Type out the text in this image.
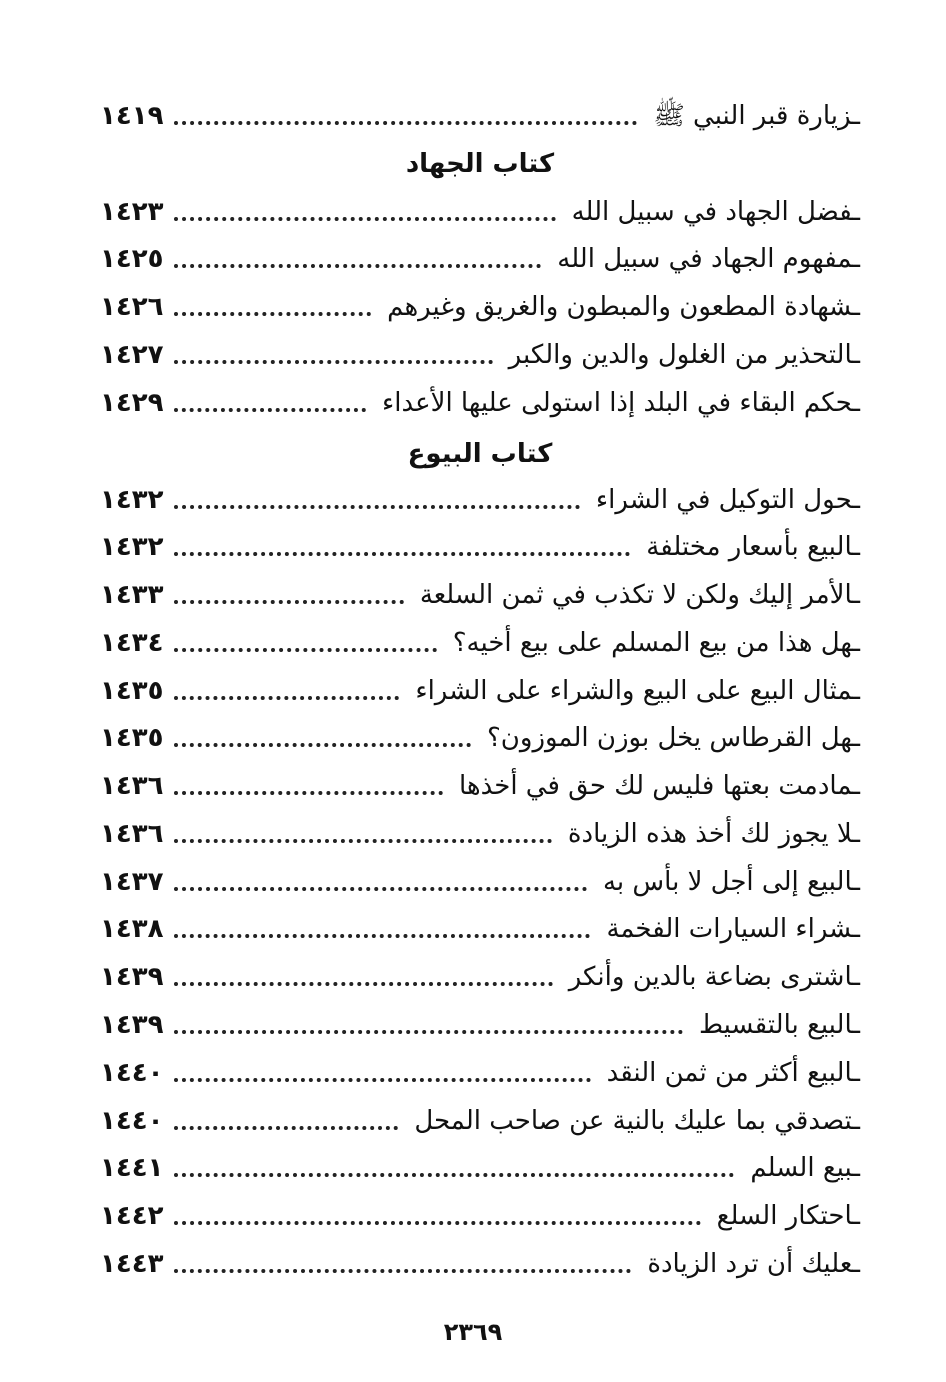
ـزيارة قبر النبي ﷺ
١٤١٩
كتاب الجهاد
ـفضل الجهاد في سبيل الله
١٤٢٣
ـمفهوم الجهاد في سبيل الله
١٤٢٥
ـشهادة المطعون والمبطون والغريق وغيرهم
١٤٢٦
ـالتحذير من الغلول والدين والكبر
١٤٢٧
ـحكم البقاء في البلد إذا استولى عليها الأعداء
١٤٢٩
كتاب البيوع
ـحول التوكيل في الشراء
١٤٣٢
ـالبيع بأسعار مختلفة
١٤٣٢
ـالأمر إليك ولكن لا تكذب في ثمن السلعة
١٤٣٣
ـهل هذا من بيع المسلم على بيع أخيه؟
١٤٣٤
ـمثال البيع على البيع والشراء على الشراء
١٤٣٥
ـهل القرطاس يخل بوزن الموزون؟
١٤٣٥
ـمادمت بعتها فليس لك حق في أخذها
١٤٣٦
ـلا يجوز لك أخذ هذه الزيادة
١٤٣٦
ـالبيع إلى أجل لا بأس به
١٤٣٧
ـشراء السيارات الفخمة
١٤٣٨
ـاشترى بضاعة بالدين وأنكر
١٤٣٩
ـالبيع بالتقسيط
١٤٣٩
ـالبيع أكثر من ثمن النقد
١٤٤٠
ـتصدقي بما عليك بالنية عن صاحب المحل
١٤٤٠
ـبيع السلم
١٤٤١
ـاحتكار السلع
١٤٤٢
ـعليك أن ترد الزيادة
١٤٤٣
٢٣٦٩
